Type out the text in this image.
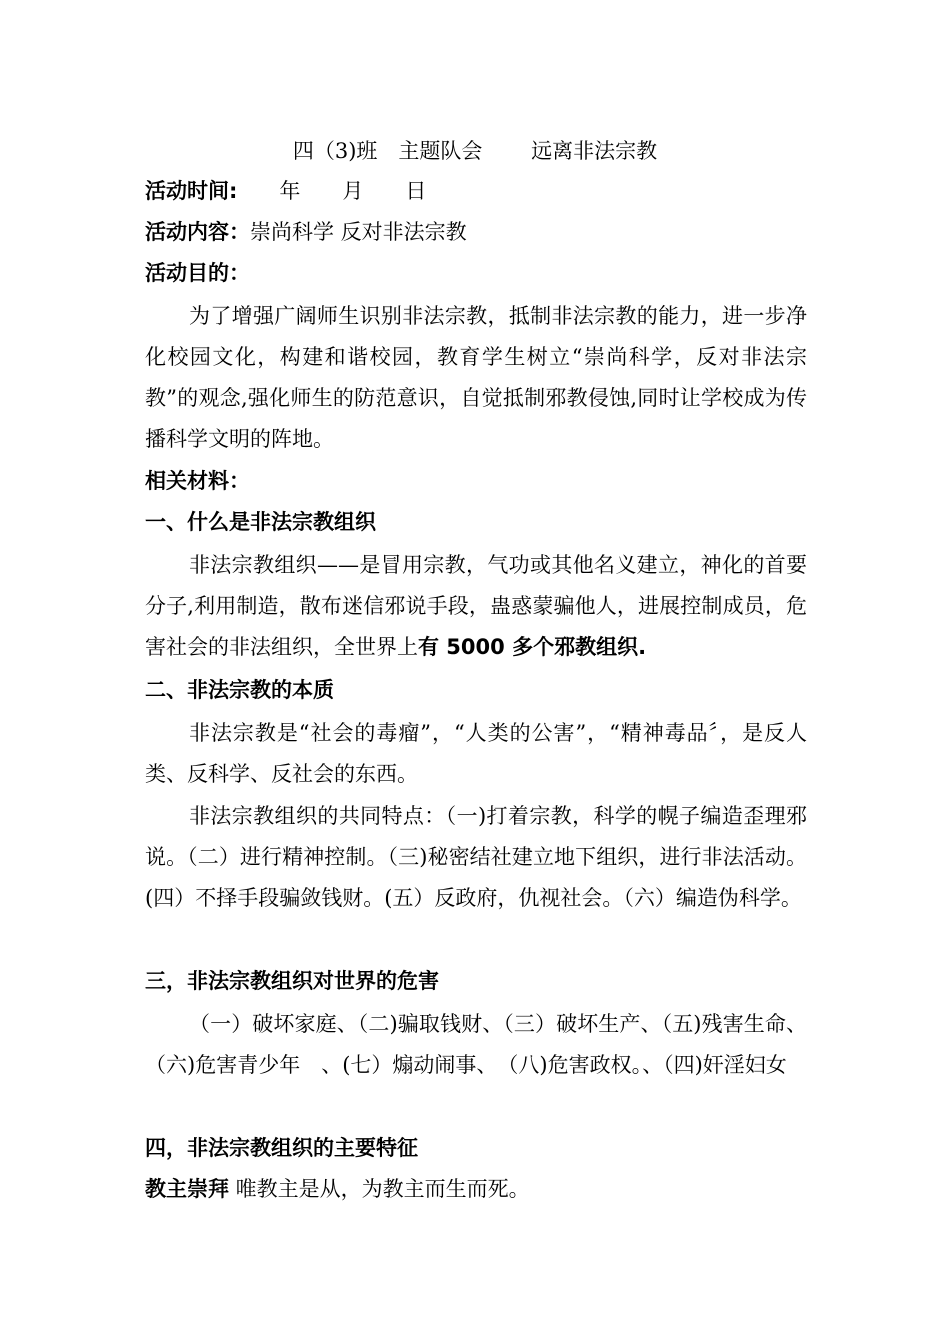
四（3)班　主题队会　　 远离非法宗教
活动时间:　　年　　月　　日
活动内容：崇尚科学 反对非法宗教
活动目的：
为了增强广阔师生识别非法宗教，抵制非法宗教的能力，进一步净化校园文化，构建和谐校园，教育学生树立“崇尚科学，反对非法宗教”的观念,强化师生的防范意识，自觉抵制邪教侵蚀,同时让学校成为传播科学文明的阵地。
相关材料：
一、什么是非法宗教组织
非法宗教组织——是冒用宗教，气功或其他名义建立，神化的首要分子,利用制造，散布迷信邪说手段，蛊惑蒙骗他人，进展控制成员，危害社会的非法组织，全世界上有 5000 多个邪教组织.
二、非法宗教的本质
非法宗教是“社会的毒瘤”，“人类的公害”，“精神毒品〞，是反人类、反科学、反社会的东西。
非法宗教组织的共同特点：（一)打着宗教，科学的幌子编造歪理邪说。（二）进行精神控制。（三)秘密结社建立地下组织，进行非法活动。(四）不择手段骗敛钱财。(五）反政府，仇视社会。（六）编造伪科学。
三，非法宗教组织对世界的危害
（一）破坏家庭、（二)骗取钱财、（三）破坏生产、（五)残害生命、（六)危害青少年　、(七）煽动闹事、　（八)危害政权。、（四)奸淫妇女
四，非法宗教组织的主要特征
教主崇拜 唯教主是从，为教主而生而死。
